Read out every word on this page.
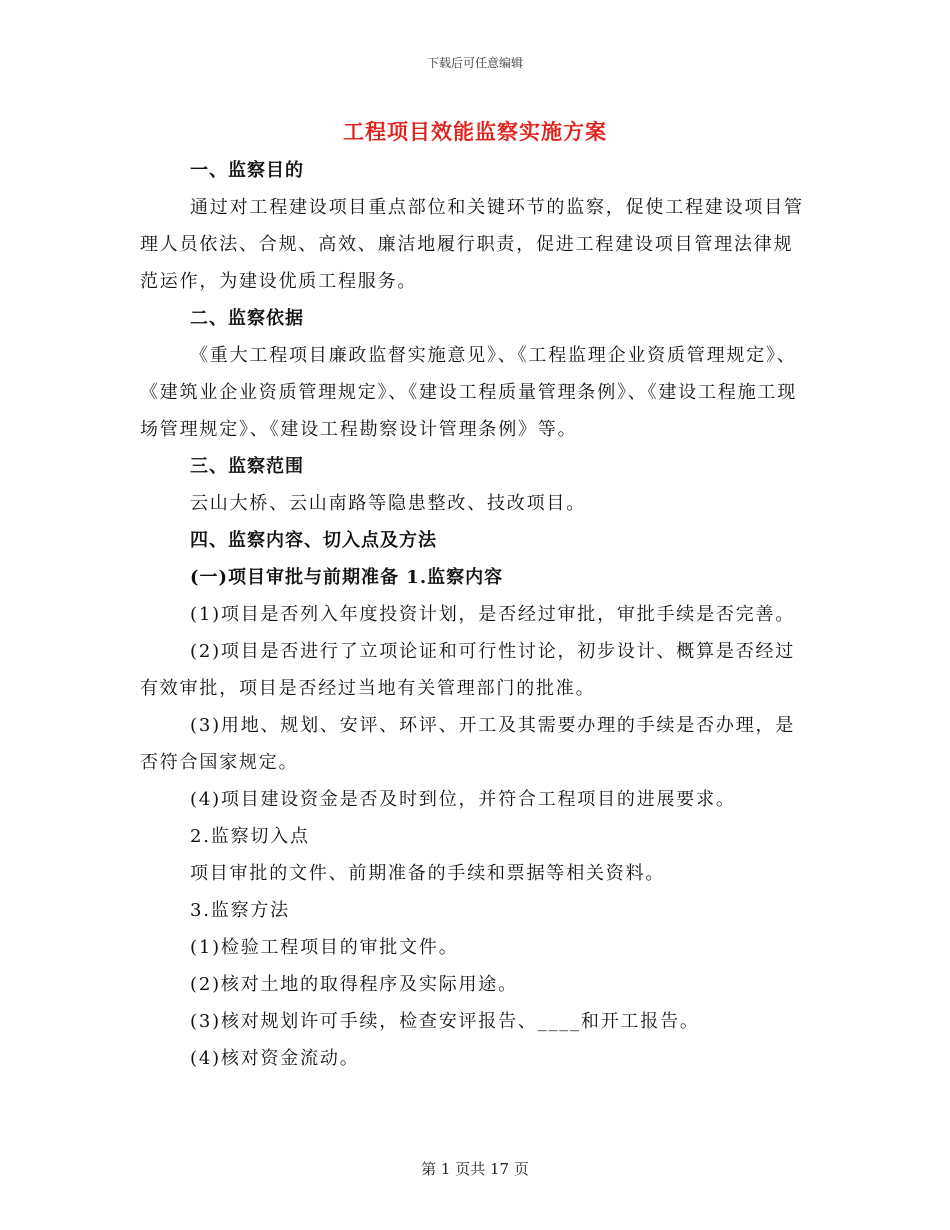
下载后可任意编辑
工程项目效能监察实施方案

一、监察目的

通过对工程建设项目重点部位和关键环节的监察，促使工程建设项目管理人员依法、合规、高效、廉洁地履行职责，促进工程建设项目管理法律规范运作，为建设优质工程服务。

二、监察依据

《重大工程项目廉政监督实施意见》、《工程监理企业资质管理规定》、《建筑业企业资质管理规定》、《建设工程质量管理条例》、《建设工程施工现场管理规定》、《建设工程勘察设计管理条例》等。

三、监察范围

云山大桥、云山南路等隐患整改、技改项目。

四、监察内容、切入点及方法

(一)项目审批与前期准备 1.监察内容

(1)项目是否列入年度投资计划，是否经过审批，审批手续是否完善。

(2)项目是否进行了立项论证和可行性讨论，初步设计、概算是否经过有效审批，项目是否经过当地有关管理部门的批准。

(3)用地、规划、安评、环评、开工及其需要办理的手续是否办理，是否符合国家规定。

(4)项目建设资金是否及时到位，并符合工程项目的进展要求。

2.监察切入点

项目审批的文件、前期准备的手续和票据等相关资料。

3.监察方法

(1)检验工程项目的审批文件。

(2)核对土地的取得程序及实际用途。

(3)核对规划许可手续，检查安评报告、____和开工报告。

(4)核对资金流动。

第 1 页共 17 页
